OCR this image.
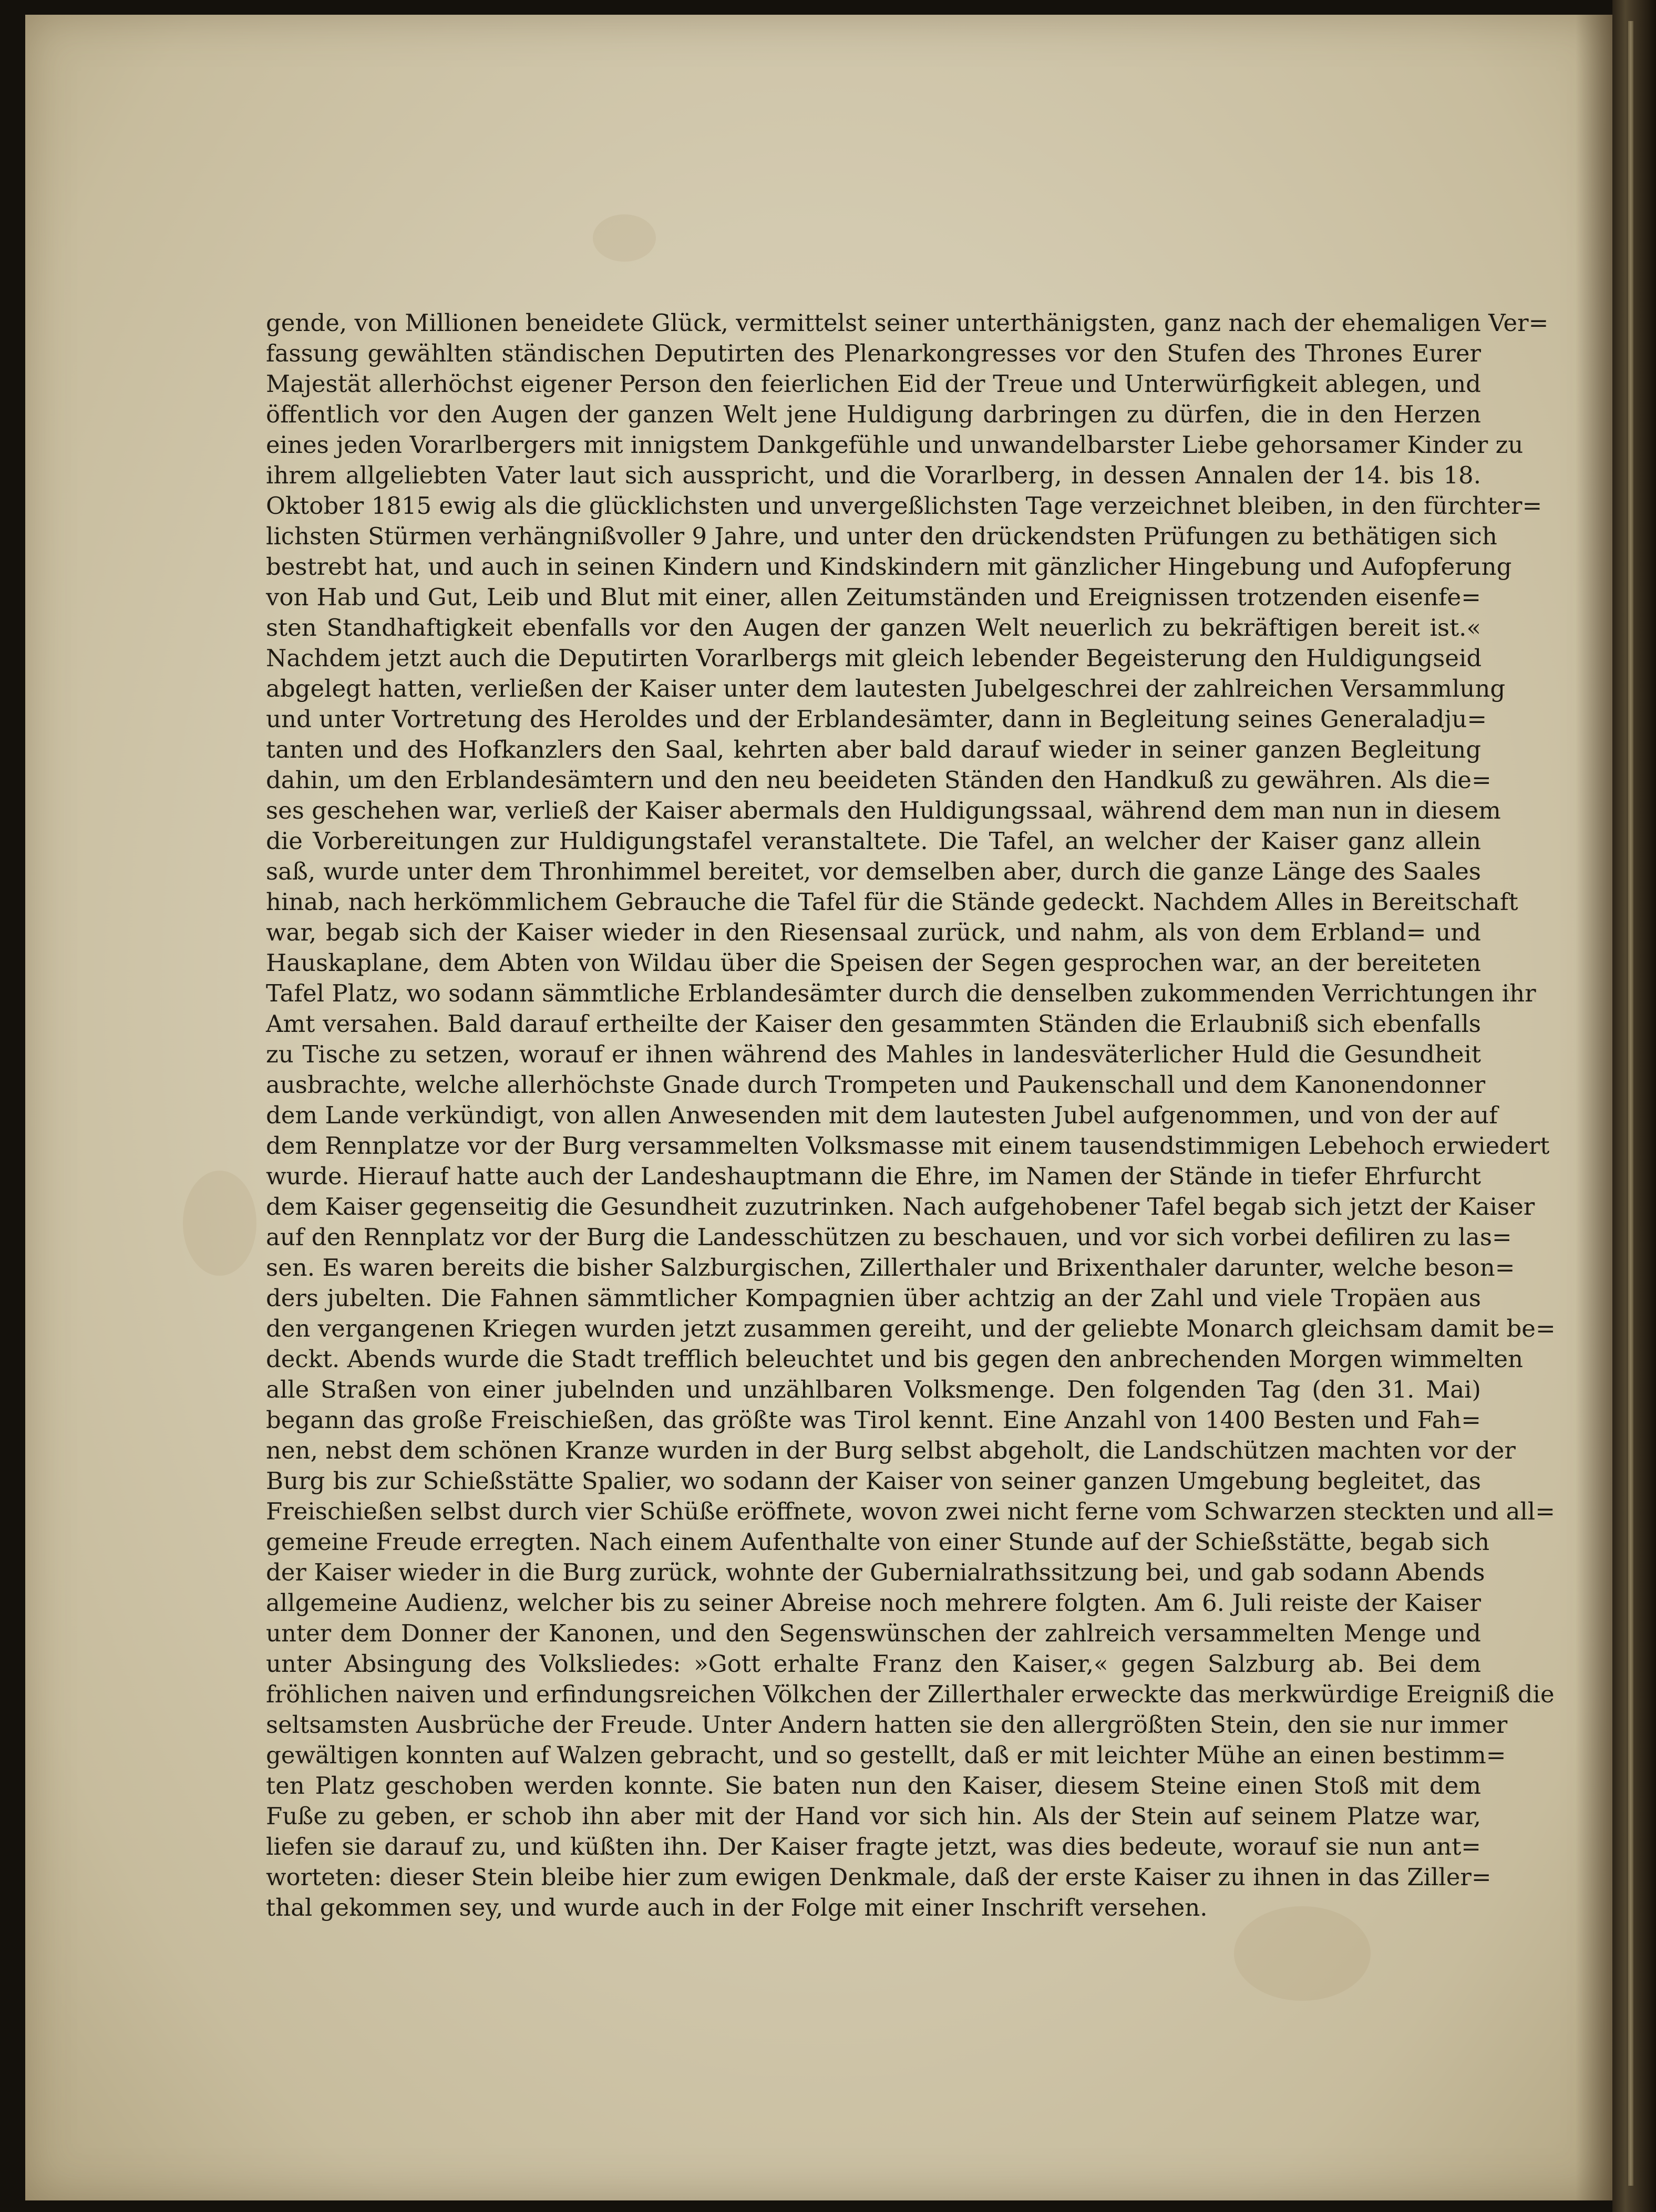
gende, von Millionen beneidete Glück, vermittelst seiner unterthänigsten, ganz nach der ehemaligen Ver=
fassung gewählten ständischen Deputirten des Plenarkongresses vor den Stufen des Thrones Eurer
Majestät allerhöchst eigener Person den feierlichen Eid der Treue und Unterwürfigkeit ablegen, und
öffentlich vor den Augen der ganzen Welt jene Huldigung darbringen zu dürfen, die in den Herzen
eines jeden Vorarlbergers mit innigstem Dankgefühle und unwandelbarster Liebe gehorsamer Kinder zu
ihrem allgeliebten Vater laut sich ausspricht, und die Vorarlberg, in dessen Annalen der 14. bis 18.
Oktober 1815 ewig als die glücklichsten und unvergeßlichsten Tage verzeichnet bleiben, in den fürchter=
lichsten Stürmen verhängnißvoller 9 Jahre, und unter den drückendsten Prüfungen zu bethätigen sich
bestrebt hat, und auch in seinen Kindern und Kindskindern mit gänzlicher Hingebung und Aufopferung
von Hab und Gut, Leib und Blut mit einer, allen Zeitumständen und Ereignissen trotzenden eisenfe=
sten Standhaftigkeit ebenfalls vor den Augen der ganzen Welt neuerlich zu bekräftigen bereit ist.«
Nachdem jetzt auch die Deputirten Vorarlbergs mit gleich lebender Begeisterung den Huldigungseid
abgelegt hatten, verließen der Kaiser unter dem lautesten Jubelgeschrei der zahlreichen Versammlung
und unter Vortretung des Heroldes und der Erblandesämter, dann in Begleitung seines Generaladju=
tanten und des Hofkanzlers den Saal, kehrten aber bald darauf wieder in seiner ganzen Begleitung
dahin, um den Erblandesämtern und den neu beeideten Ständen den Handkuß zu gewähren. Als die=
ses geschehen war, verließ der Kaiser abermals den Huldigungssaal, während dem man nun in diesem
die Vorbereitungen zur Huldigungstafel veranstaltete. Die Tafel, an welcher der Kaiser ganz allein
saß, wurde unter dem Thronhimmel bereitet, vor demselben aber, durch die ganze Länge des Saales
hinab, nach herkömmlichem Gebrauche die Tafel für die Stände gedeckt. Nachdem Alles in Bereitschaft
war, begab sich der Kaiser wieder in den Riesensaal zurück, und nahm, als von dem Erbland= und
Hauskaplane, dem Abten von Wildau über die Speisen der Segen gesprochen war, an der bereiteten
Tafel Platz, wo sodann sämmtliche Erblandesämter durch die denselben zukommenden Verrichtungen ihr
Amt versahen. Bald darauf ertheilte der Kaiser den gesammten Ständen die Erlaubniß sich ebenfalls
zu Tische zu setzen, worauf er ihnen während des Mahles in landesväterlicher Huld die Gesundheit
ausbrachte, welche allerhöchste Gnade durch Trompeten und Paukenschall und dem Kanonendonner
dem Lande verkündigt, von allen Anwesenden mit dem lautesten Jubel aufgenommen, und von der auf
dem Rennplatze vor der Burg versammelten Volksmasse mit einem tausendstimmigen Lebehoch erwiedert
wurde. Hierauf hatte auch der Landeshauptmann die Ehre, im Namen der Stände in tiefer Ehrfurcht
dem Kaiser gegenseitig die Gesundheit zuzutrinken. Nach aufgehobener Tafel begab sich jetzt der Kaiser
auf den Rennplatz vor der Burg die Landesschützen zu beschauen, und vor sich vorbei defiliren zu las=
sen. Es waren bereits die bisher Salzburgischen, Zillerthaler und Brixenthaler darunter, welche beson=
ders jubelten. Die Fahnen sämmtlicher Kompagnien über achtzig an der Zahl und viele Tropäen aus
den vergangenen Kriegen wurden jetzt zusammen gereiht, und der geliebte Monarch gleichsam damit be=
deckt. Abends wurde die Stadt trefflich beleuchtet und bis gegen den anbrechenden Morgen wimmelten
alle Straßen von einer jubelnden und unzählbaren Volksmenge. Den folgenden Tag (den 31. Mai)
begann das große Freischießen, das größte was Tirol kennt. Eine Anzahl von 1400 Besten und Fah=
nen, nebst dem schönen Kranze wurden in der Burg selbst abgeholt, die Landschützen machten vor der
Burg bis zur Schießstätte Spalier, wo sodann der Kaiser von seiner ganzen Umgebung begleitet, das
Freischießen selbst durch vier Schüße eröffnete, wovon zwei nicht ferne vom Schwarzen steckten und all=
gemeine Freude erregten. Nach einem Aufenthalte von einer Stunde auf der Schießstätte, begab sich
der Kaiser wieder in die Burg zurück, wohnte der Gubernialrathssitzung bei, und gab sodann Abends
allgemeine Audienz, welcher bis zu seiner Abreise noch mehrere folgten. Am 6. Juli reiste der Kaiser
unter dem Donner der Kanonen, und den Segenswünschen der zahlreich versammelten Menge und
unter Absingung des Volksliedes: »Gott erhalte Franz den Kaiser,« gegen Salzburg ab. Bei dem
fröhlichen naiven und erfindungsreichen Völkchen der Zillerthaler erweckte das merkwürdige Ereigniß die
seltsamsten Ausbrüche der Freude. Unter Andern hatten sie den allergrößten Stein, den sie nur immer
gewältigen konnten auf Walzen gebracht, und so gestellt, daß er mit leichter Mühe an einen bestimm=
ten Platz geschoben werden konnte. Sie baten nun den Kaiser, diesem Steine einen Stoß mit dem
Fuße zu geben, er schob ihn aber mit der Hand vor sich hin. Als der Stein auf seinem Platze war,
liefen sie darauf zu, und küßten ihn. Der Kaiser fragte jetzt, was dies bedeute, worauf sie nun ant=
worteten: dieser Stein bleibe hier zum ewigen Denkmale, daß der erste Kaiser zu ihnen in das Ziller=
thal gekommen sey, und wurde auch in der Folge mit einer Inschrift versehen.
